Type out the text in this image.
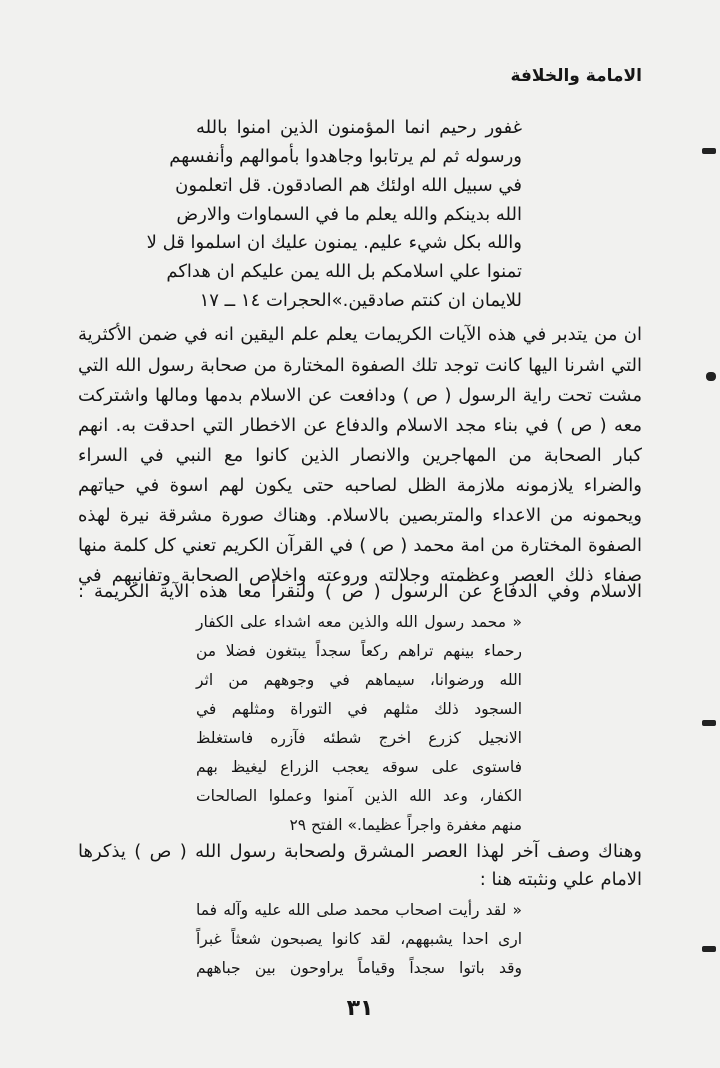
الامامة والخلافة
غفور رحيم انما المؤمنون الذين امنوا بالله
ورسوله ثم لم يرتابوا وجاهدوا بأموالهم وأنفسهم
في سبيل الله اولئك هم الصادقون. قل اتعلمون
الله بدينكم والله يعلم ما في السماوات والارض
والله بكل شيء عليم. يمنون عليك ان اسلموا قل لا
تمنوا علي اسلامكم بل الله يمن عليكم ان هداكم
للايمان ان كنتم صادقين.»الحجرات ١٤ ــ ١٧
ان من يتدبر في هذه الآيات الكريمات يعلم علم اليقين انه في ضمن الأكثرية
التي اشرنا اليها كانت توجد تلك الصفوة المختارة من صحابة رسول الله التي
مشت تحت راية الرسول ( ص ) ودافعت عن الاسلام بدمها ومالها واشتركت
معه ( ص ) في بناء مجد الاسلام والدفاع عن الاخطار التي احدقت به. انهم
كبار الصحابة من المهاجرين والانصار الذين كانوا مع النبي في السراء
والضراء يلازمونه ملازمة الظل لصاحبه حتى يكون لهم اسوة في حياتهم
ويحمونه من الاعداء والمتربصين بالاسلام. وهناك صورة مشرقة نيرة لهذه
الصفوة المختارة من امة محمد ( ص ) في القرآن الكريم تعني كل كلمة منها
صفاء ذلك العصر وعظمته وجلالته وروعته واخلاص الصحابة وتفانيهم في
الاسلام وفي الدفاع عن الرسول ( ص ) ولنقرأ معا هذه الآية الكريمة :
« محمد رسول الله والذين معه اشداء على الكفار
رحماء بينهم تراهم ركعاً سجداً يبتغون فضلا من
الله ورضوانا، سيماهم في وجوههم من اثر
السجود ذلك مثلهم في التوراة ومثلهم في
الانجيل كزرع اخرج شطئه فآزره فاستغلظ
فاستوى على سوقه يعجب الزراع ليغيظ بهم
الكفار، وعد الله الذين آمنوا وعملوا الصالحات
منهم مغفرة واجراً عظيما.» الفتح ٢٩
وهناك وصف آخر لهذا العصر المشرق ولصحابة رسول الله ( ص ) يذكرها
الامام علي ونثبته هنا :
« لقد رأيت اصحاب محمد صلى الله عليه وآله فما
ارى احدا يشبههم، لقد كانوا يصبحون شعثاً غبراً
وقد باتوا سجداً وقياماً يراوحون بين جباههم
٣١
